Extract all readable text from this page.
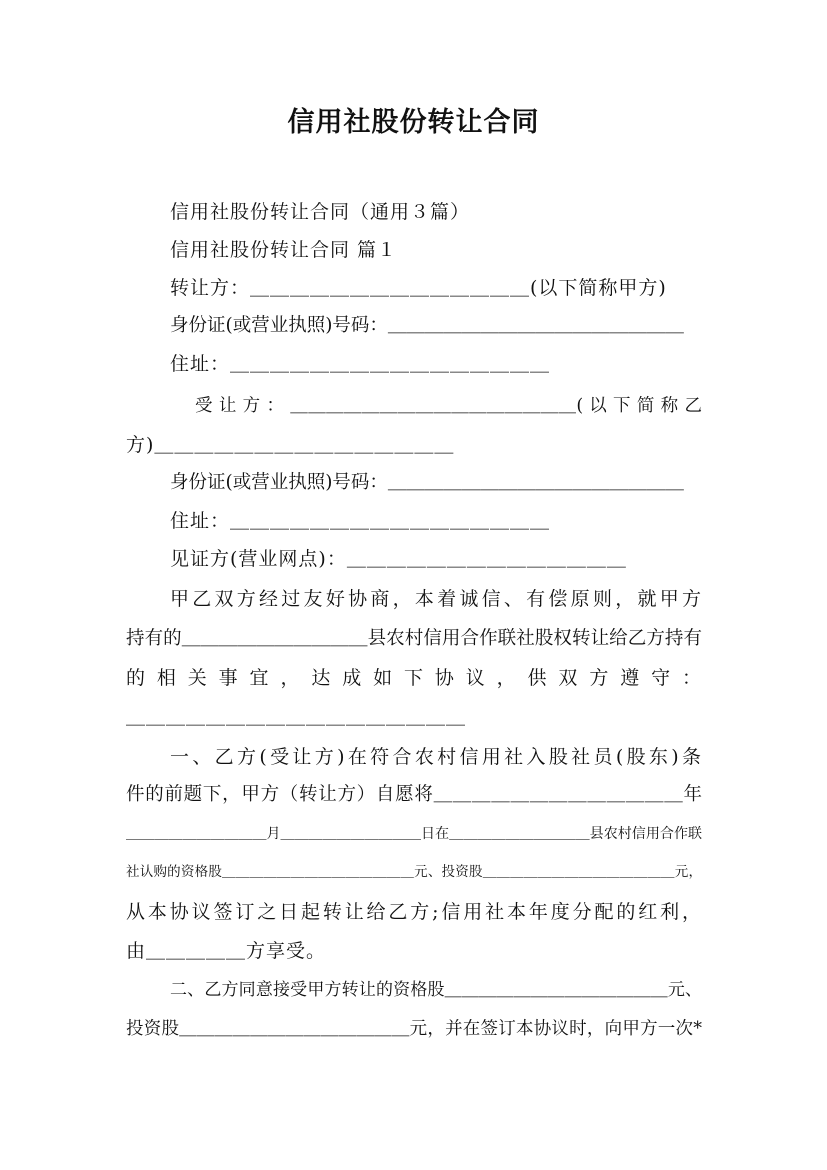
信用社股份转让合同
信用社股份转让合同（通用３篇）
信用社股份转让合同 篇１
转让方：＿＿＿＿＿＿＿＿＿＿＿＿＿＿(以下简称甲方)
身份证(或营业执照)号码：＿＿＿＿＿＿＿＿＿＿＿＿＿＿＿＿
住址：＿＿＿＿＿＿＿＿＿＿＿＿＿＿＿＿
受 让 方 ： ＿＿＿＿＿＿＿＿＿＿＿＿＿＿＿＿( 以 下 简 称 乙
方)＿＿＿＿＿＿＿＿＿＿＿＿＿＿＿
身份证(或营业执照)号码：＿＿＿＿＿＿＿＿＿＿＿＿＿＿＿＿
住址：＿＿＿＿＿＿＿＿＿＿＿＿＿＿＿＿
见证方(营业网点)：＿＿＿＿＿＿＿＿＿＿＿＿＿＿
甲乙双方经过友好协商，本着诚信、有偿原则，就甲方
持有的＿＿＿＿＿＿＿＿＿＿县农村信用合作联社股权转让给乙方持有
的相关事宜，达成如下协议，供双方遵守：
＿＿＿＿＿＿＿＿＿＿＿＿＿＿＿＿＿
一、乙方(受让方)在符合农村信用社入股社员(股东)条
件的前题下，甲方（转让方）自愿将＿＿＿＿＿＿＿＿＿＿＿＿＿年
＿＿＿＿＿＿＿＿＿＿月＿＿＿＿＿＿＿＿＿＿日在＿＿＿＿＿＿＿＿＿＿县农村信用合作联
社认购的资格股＿＿＿＿＿＿＿＿＿＿＿＿＿＿元、投资股＿＿＿＿＿＿＿＿＿＿＿＿＿＿元，
从本协议签订之日起转让给乙方;信用社本年度分配的红利，
由＿＿＿＿＿方享受。
二、乙方同意接受甲方转让的资格股＿＿＿＿＿＿＿＿＿＿＿＿＿元、
投资股＿＿＿＿＿＿＿＿＿＿＿＿＿元，并在签订本协议时，向甲方一次*
